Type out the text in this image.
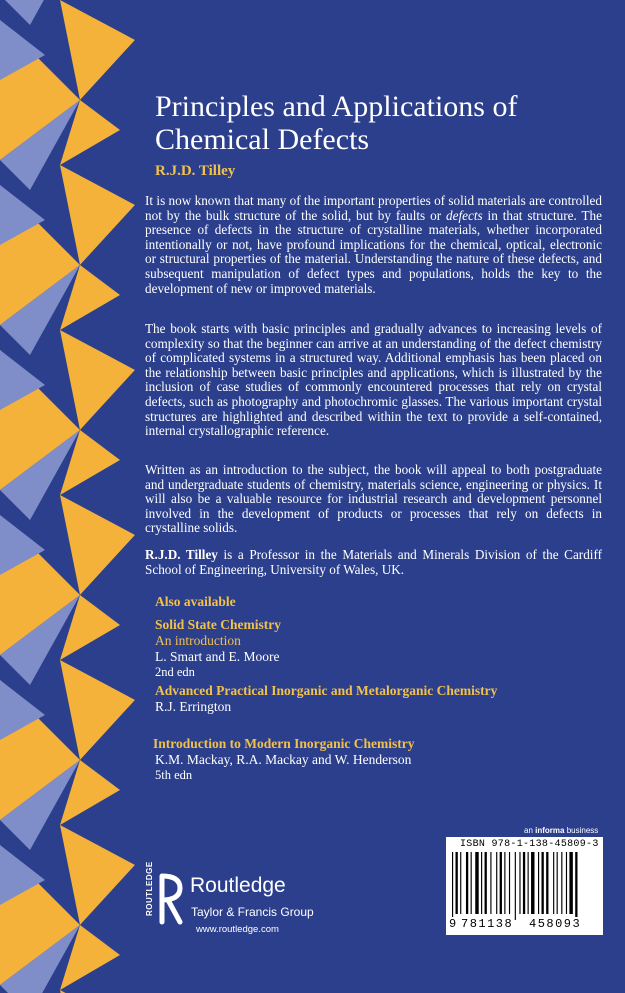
Principles and Applications of
Chemical Defects
R.J.D. Tilley

It is now known that many of the important properties of solid materials are controlled not by the bulk structure of the solid, but by faults or defects in that structure. The presence of defects in the structure of crystalline materials, whether incorporated intentionally or not, have profound implications for the chemical, optical, electronic or structural properties of the material. Understanding the nature of these defects, and subsequent manipulation of defect types and populations, holds the key to the development of new or improved materials.

The book starts with basic principles and gradually advances to increasing levels of complexity so that the beginner can arrive at an understanding of the defect chemistry of complicated systems in a structured way. Additional emphasis has been placed on the relationship between basic principles and applications, which is illustrated by the inclusion of case studies of commonly encountered processes that rely on crystal defects, such as photography and photochromic glasses. The various important crystal structures are highlighted and described within the text to provide a self-contained, internal crystallographic reference.

Written as an introduction to the subject, the book will appeal to both postgraduate and undergraduate students of chemistry, materials science, engineering or physics. It will also be a valuable resource for industrial research and development personnel involved in the development of products or processes that rely on defects in crystalline solids.

R.J.D. Tilley is a Professor in the Materials and Minerals Division of the Cardiff School of Engineering, University of Wales, UK.

Also available
Solid State Chemistry
An introduction
L. Smart and E. Moore
2nd edn
Advanced Practical Inorganic and Metalorganic Chemistry
R.J. Errington
Introduction to Modern Inorganic Chemistry
K.M. Mackay, R.A. Mackay and W. Henderson
5th edn
ROUTLEDGE Routledge
Taylor & Francis Group
www.routledge.com
an informa business
ISBN 978-1-138-45809-3
9 781138 458093
